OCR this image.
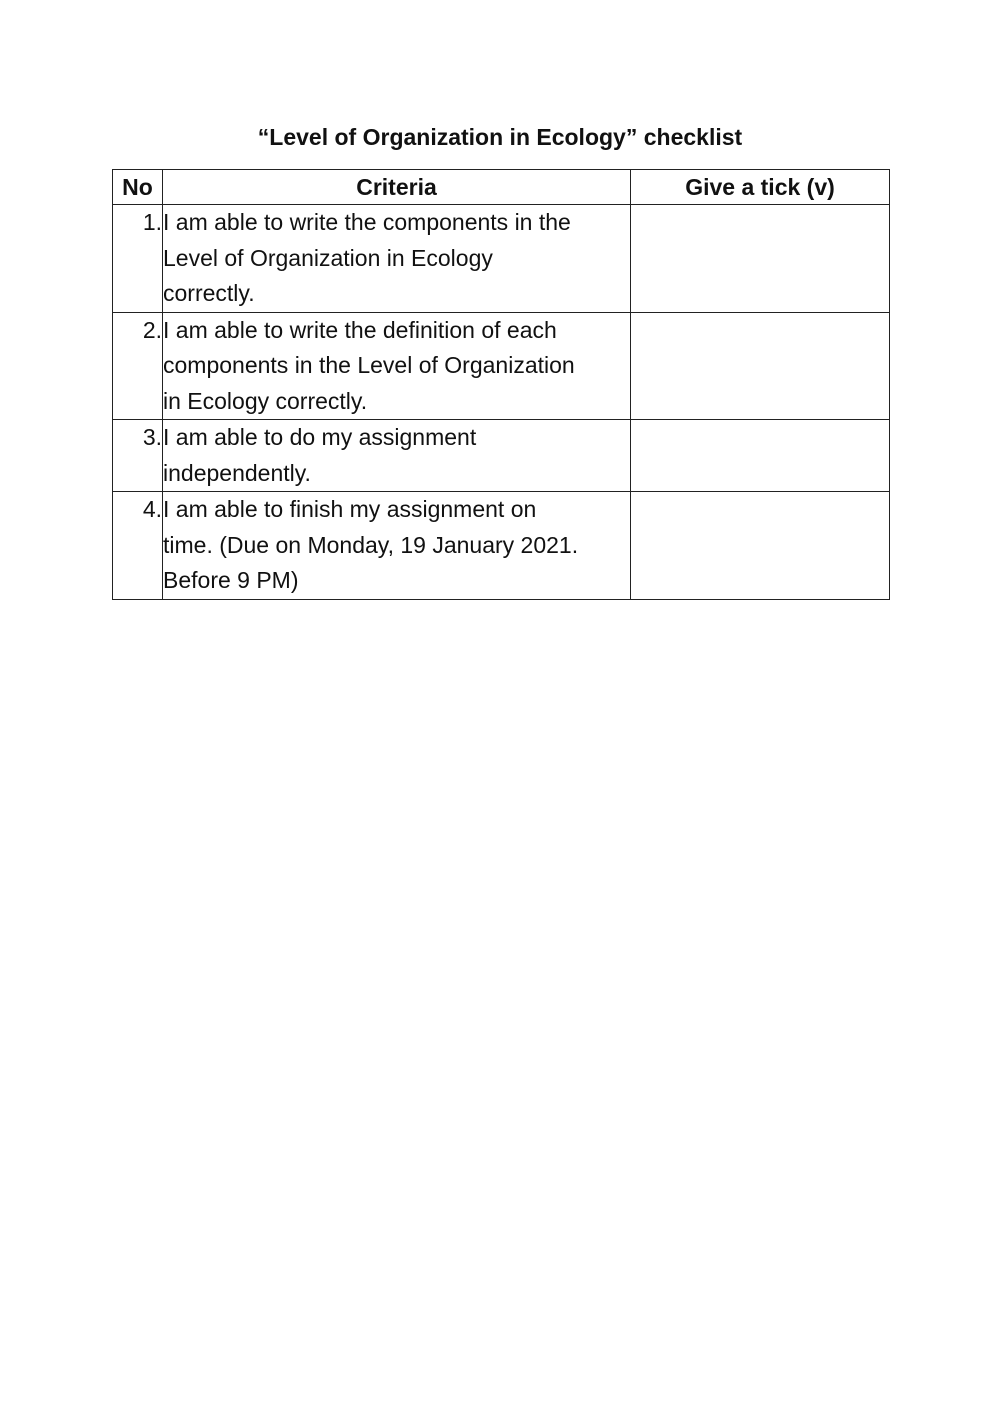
“Level of Organization in Ecology” checklist
No	Criteria	Give a tick (v)
1.	I am able to write the components in the
Level of Organization in Ecology
correctly.	

2.	I am able to write the definition of each
components in the Level of Organization
in Ecology correctly.	

3.	I am able to do my assignment
independently.	

4.	I am able to finish my assignment on
time. (Due on Monday, 19 January 2021.
Before 9 PM)	
